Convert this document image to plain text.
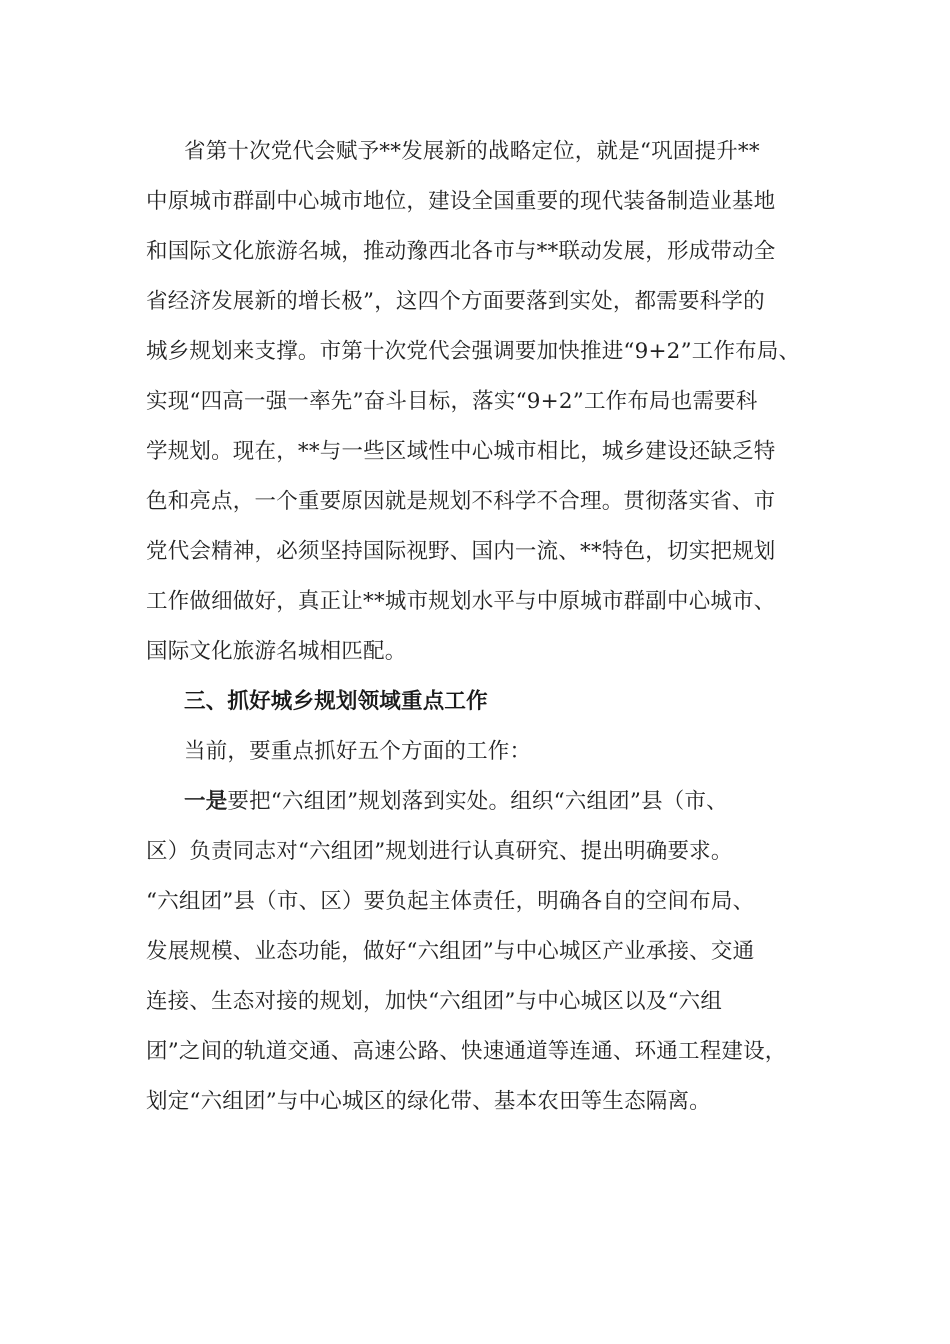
省第十次党代会赋予**发展新的战略定位，就是“巩固提升**
中原城市群副中心城市地位，建设全国重要的现代装备制造业基地
和国际文化旅游名城，推动豫西北各市与**联动发展，形成带动全
省经济发展新的增长极”，这四个方面要落到实处，都需要科学的
城乡规划来支撑。市第十次党代会强调要加快推进“9+2”工作布局、
实现“四高一强一率先”奋斗目标，落实“9+2”工作布局也需要科
学规划。现在，**与一些区域性中心城市相比，城乡建设还缺乏特
色和亮点，一个重要原因就是规划不科学不合理。贯彻落实省、市
党代会精神，必须坚持国际视野、国内一流、**特色，切实把规划
工作做细做好，真正让**城市规划水平与中原城市群副中心城市、
国际文化旅游名城相匹配。
三、抓好城乡规划领域重点工作
当前，要重点抓好五个方面的工作：
一是要把“六组团”规划落到实处。组织“六组团”县（市、
区）负责同志对“六组团”规划进行认真研究、提出明确要求。
“六组团”县（市、区）要负起主体责任，明确各自的空间布局、
发展规模、业态功能，做好“六组团”与中心城区产业承接、交通
连接、生态对接的规划，加快“六组团”与中心城区以及“六组
团”之间的轨道交通、高速公路、快速通道等连通、环通工程建设，
划定“六组团”与中心城区的绿化带、基本农田等生态隔离。
